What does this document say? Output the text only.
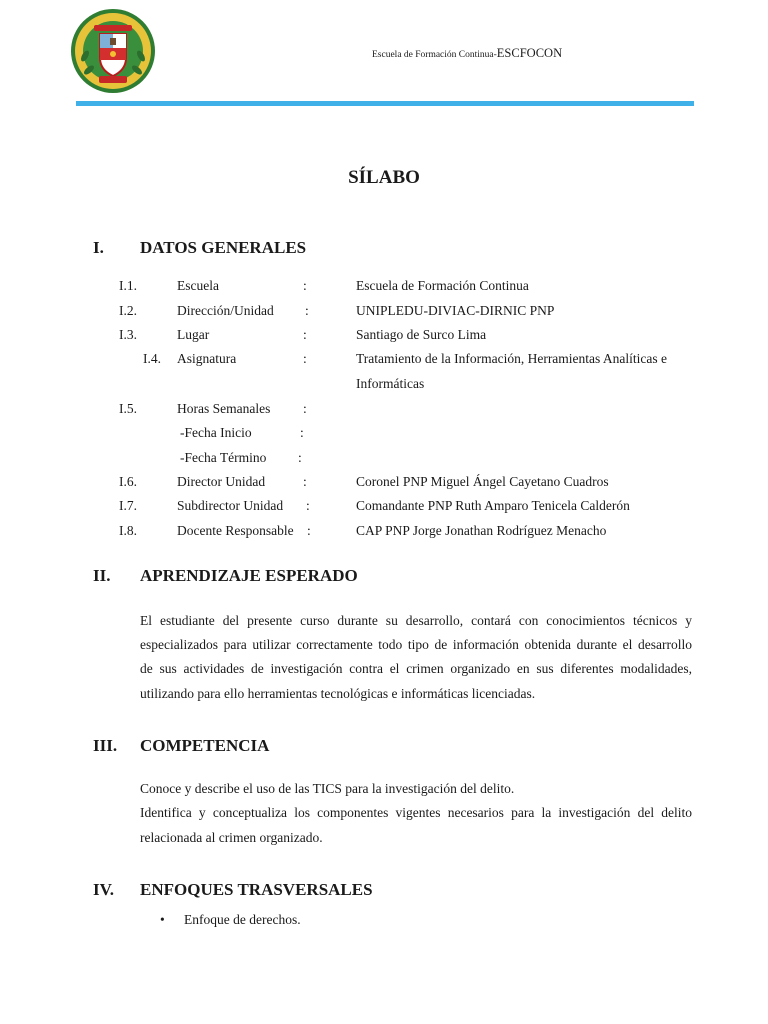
Escuela de Formación Continua-ESCFOCON
SÍLABO
I. DATOS GENERALES
I.1.	Escuela	:	Escuela de Formación Continua
I.2.	Dirección/Unidad :	UNIPLEDU-DIVIAC-DIRNIC PNP
I.3.	Lugar	:	Santiago de Surco Lima
I.4. Asignatura	:	Tratamiento de la Información, Herramientas Analíticas e
Informáticas
I.5.	Horas Semanales :
-Fecha Inicio	:
-Fecha Término :
I.6.	Director Unidad	:	Coronel PNP Miguel Ángel Cayetano Cuadros
I.7.	Subdirector Unidad :	Comandante PNP Ruth Amparo Tenicela Calderón
I.8.	Docente Responsable :	CAP PNP Jorge Jonathan Rodríguez Menacho
II. APRENDIZAJE ESPERADO
El estudiante del presente curso durante su desarrollo, contará con conocimientos técnicos y
especializados para utilizar correctamente todo tipo de información obtenida durante el desarrollo
de sus actividades de investigación contra el crimen organizado en sus diferentes modalidades,
utilizando para ello herramientas tecnológicas e informáticas licenciadas.
III. COMPETENCIA
Conoce y describe el uso de las TICS para la investigación del delito.
Identifica y conceptualiza los componentes vigentes necesarios para la investigación del delito
relacionada al crimen organizado.
IV. ENFOQUES TRASVERSALES
• Enfoque de derechos.
